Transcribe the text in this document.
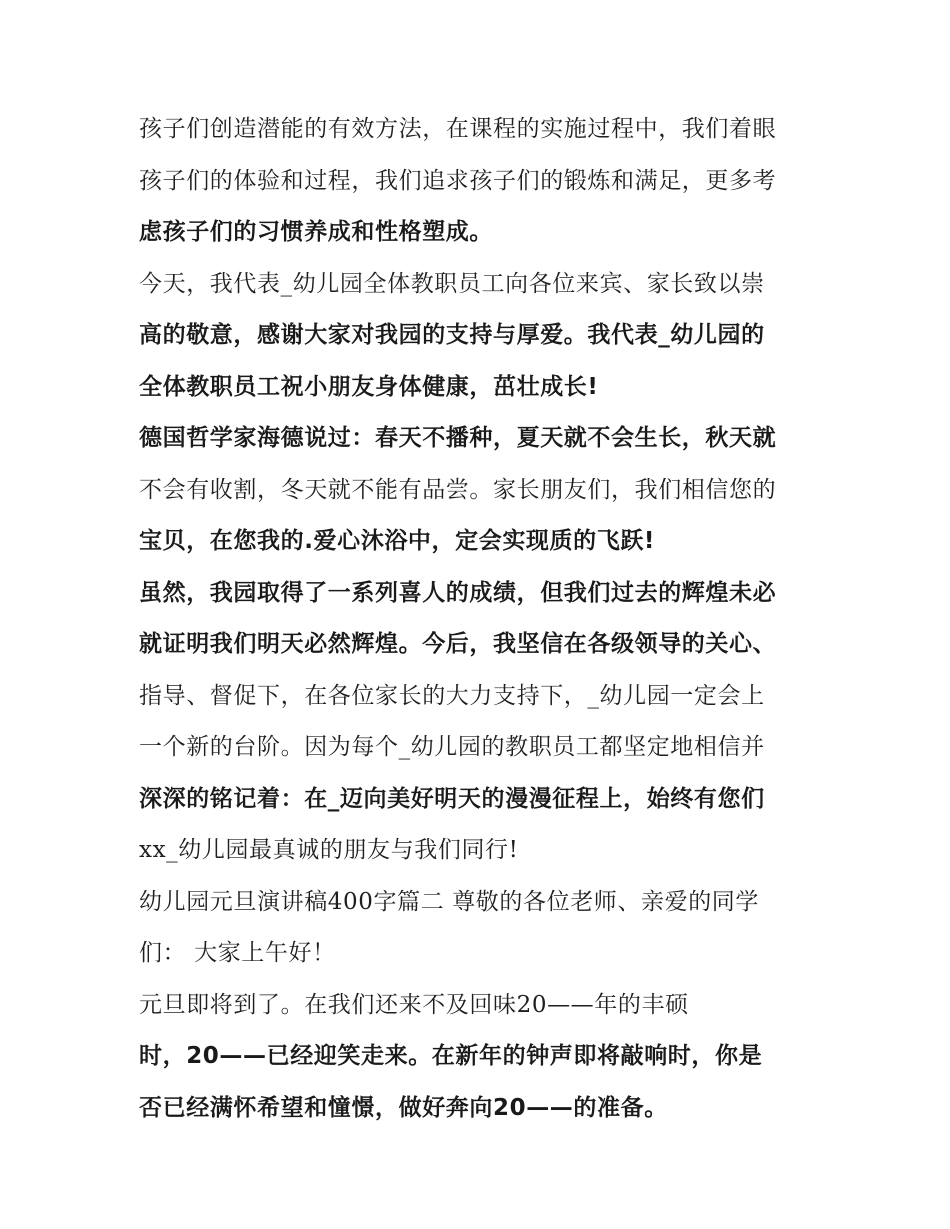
孩子们创造潜能的有效方法，在课程的实施过程中，我们着眼
孩子们的体验和过程，我们追求孩子们的锻炼和满足，更多考
虑孩子们的习惯养成和性格塑成。
今天，我代表_幼儿园全体教职员工向各位来宾、家长致以崇
高的敬意，感谢大家对我园的支持与厚爱。我代表_幼儿园的
全体教职员工祝小朋友身体健康，茁壮成长!
德国哲学家海德说过：春天不播种，夏天就不会生长，秋天就
不会有收割，冬天就不能有品尝。家长朋友们，我们相信您的
宝贝，在您我的.爱心沐浴中，定会实现质的飞跃!
虽然，我园取得了一系列喜人的成绩，但我们过去的辉煌未必
就证明我们明天必然辉煌。今后，我坚信在各级领导的关心、
指导、督促下，在各位家长的大力支持下，_幼儿园一定会上
一个新的台阶。因为每个_幼儿园的教职员工都坚定地相信并
深深的铭记着：在_迈向美好明天的漫漫征程上，始终有您们
xx_幼儿园最真诚的朋友与我们同行!
幼儿园元旦演讲稿400字篇二 尊敬的各位老师、亲爱的同学
们： 大家上午好！
元旦即将到了。在我们还来不及回味20——年的丰硕
时，20——已经迎笑走来。在新年的钟声即将敲响时，你是
否已经满怀希望和憧憬，做好奔向20——的准备。
